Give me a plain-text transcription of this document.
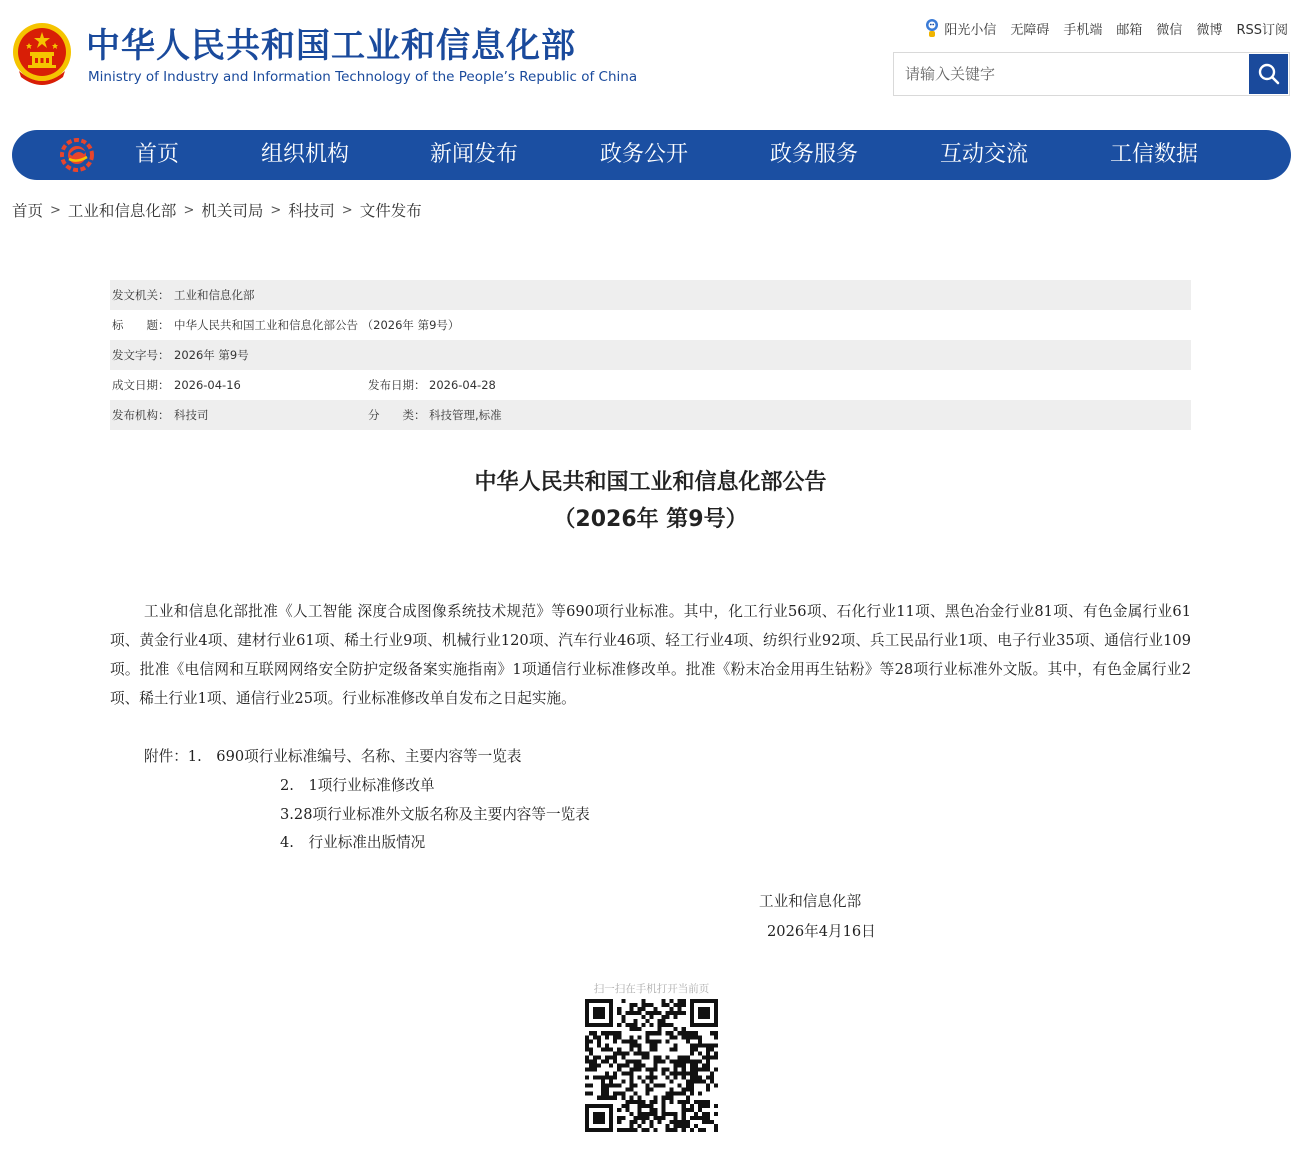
中华人民共和国工业和信息化部
Ministry of Industry and Information Technology of the People’s Republic of China
阳光小信 无障碍 手机端 邮箱 微信 微博 RSS订阅
请输入关键字
首页	组织机构	新闻发布	政务公开	政务服务	互动交流	工信数据
首页 > 工业和信息化部 > 机关司局 > 科技司 > 文件发布
发文机关： 工业和信息化部
标　　题： 中华人民共和国工业和信息化部公告 （2026年 第9号）
发文字号： 2026年 第9号
成文日期： 2026-04-16	发布日期： 2026-04-28
发布机构： 科技司	分　　类： 科技管理,标准
中华人民共和国工业和信息化部公告
（2026年 第9号）
工业和信息化部批准《人工智能 深度合成图像系统技术规范》等690项行业标准。其中，化工行业56项、石化行业11项、黑色冶金行业81项、有色金属行业61项、黄金行业4项、建材行业61项、稀土行业9项、机械行业120项、汽车行业46项、轻工行业4项、纺织行业92项、兵工民品行业1项、电子行业35项、通信行业109项。批准《电信网和互联网网络安全防护定级备案实施指南》1项通信行业标准修改单。批准《粉末冶金用再生钴粉》等28项行业标准外文版。其中，有色金属行业2项、稀土行业1项、通信行业25项。行业标准修改单自发布之日起实施。
附件：1.　690项行业标准编号、名称、主要内容等一览表
2.　1项行业标准修改单
3.28项行业标准外文版名称及主要内容等一览表
4.　行业标准出版情况
工业和信息化部
2026年4月16日
扫一扫在手机打开当前页
